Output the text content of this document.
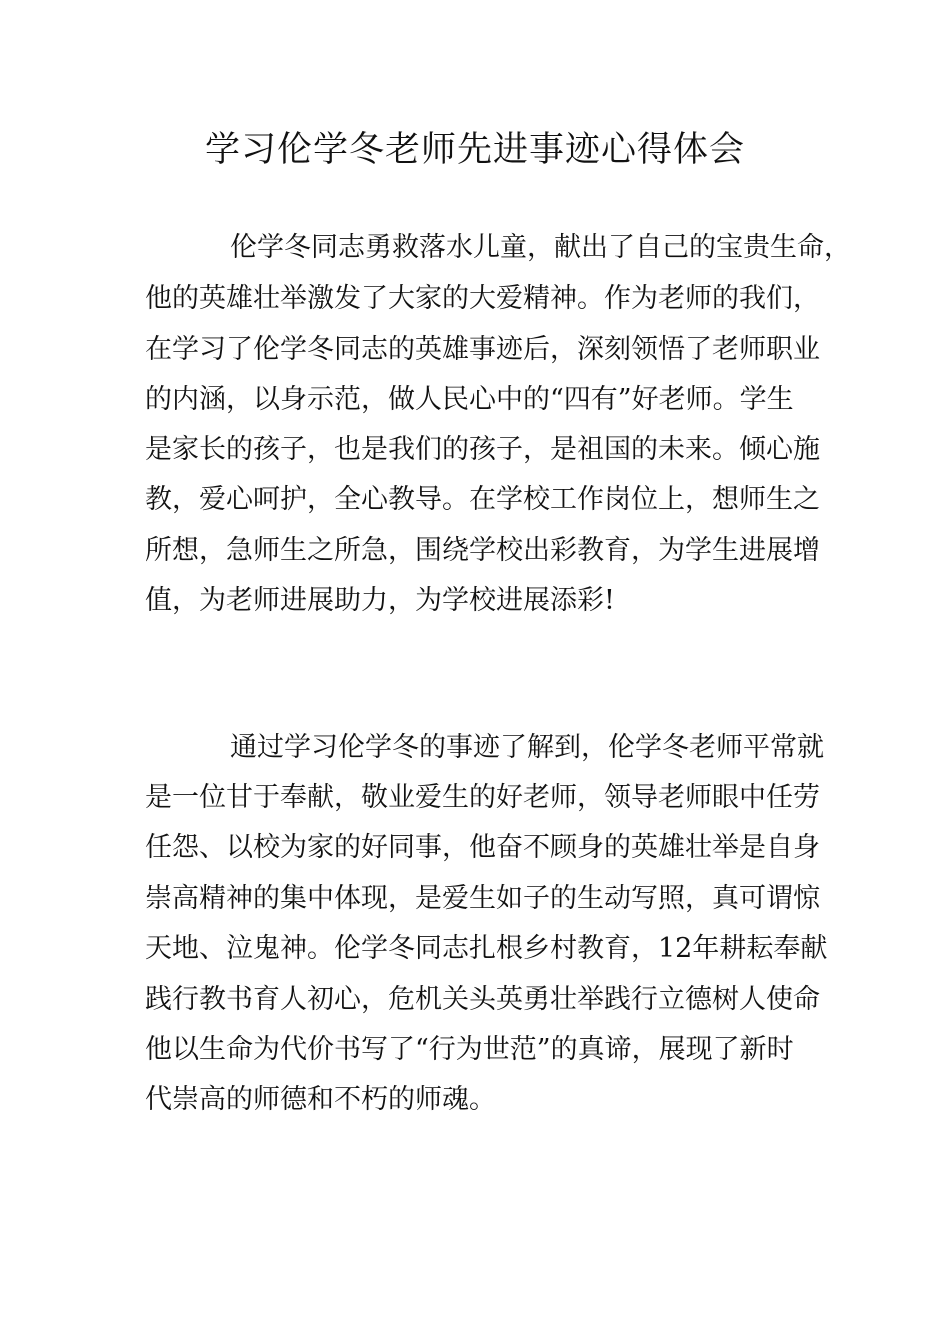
学习伦学冬老师先进事迹心得体会
伦学冬同志勇救落水儿童，献出了自己的宝贵生命，
他的英雄壮举激发了大家的大爱精神。作为老师的我们，
在学习了伦学冬同志的英雄事迹后，深刻领悟了老师职业
的内涵，以身示范，做人民心中的“四有”好老师。学生
是家长的孩子，也是我们的孩子，是祖国的未来。倾心施
教，爱心呵护，全心教导。在学校工作岗位上，想师生之
所想，急师生之所急，围绕学校出彩教育，为学生进展增
值，为老师进展助力，为学校进展添彩!
通过学习伦学冬的事迹了解到，伦学冬老师平常就
是一位甘于奉献，敬业爱生的好老师，领导老师眼中任劳
任怨、以校为家的好同事，他奋不顾身的英雄壮举是自身
崇高精神的集中体现，是爱生如子的生动写照，真可谓惊
天地、泣鬼神。伦学冬同志扎根乡村教育，12年耕耘奉献
践行教书育人初心，危机关头英勇壮举践行立德树人使命
他以生命为代价书写了“行为世范”的真谛，展现了新时
代崇高的师德和不朽的师魂。
